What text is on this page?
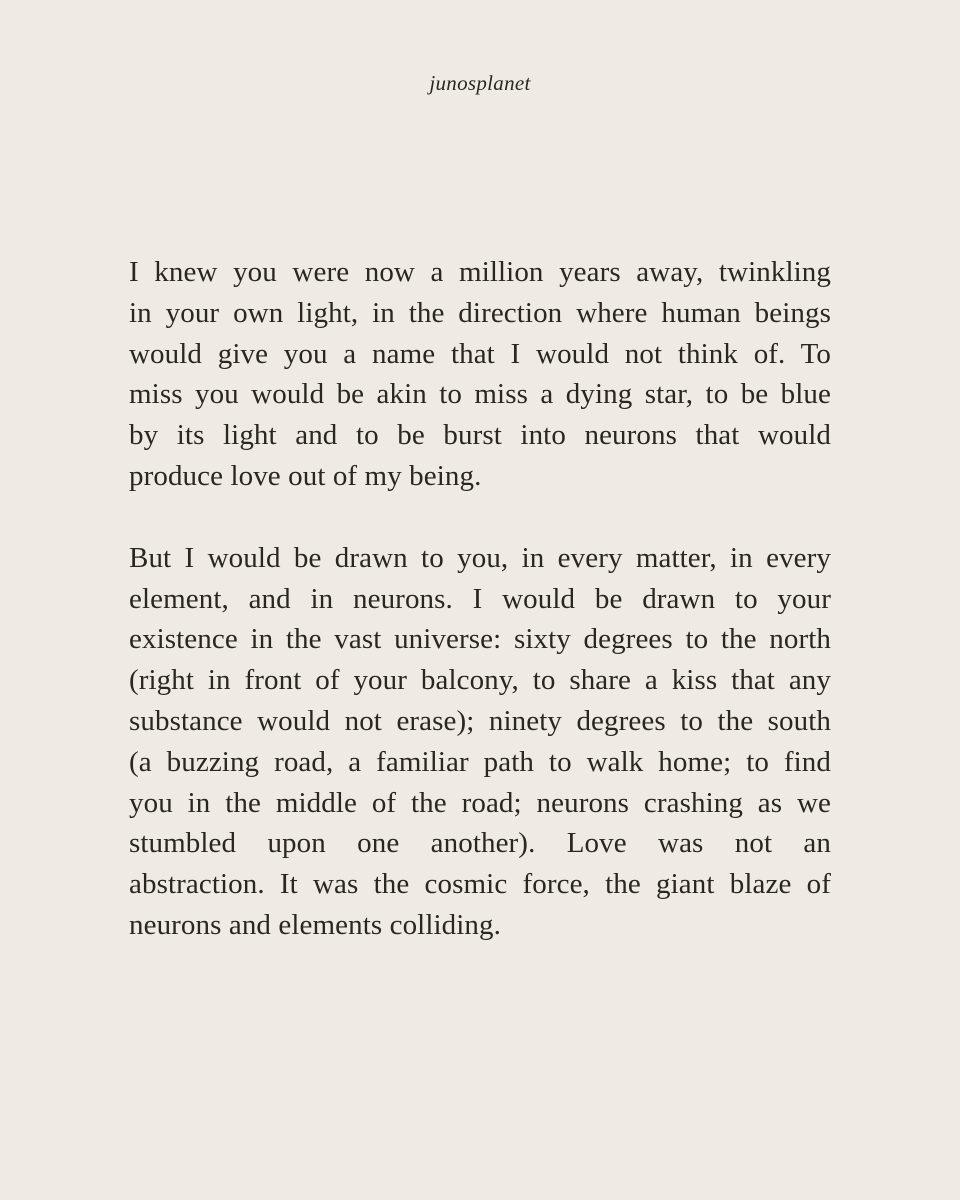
junosplanet

I knew you were now a million years away, twinkling
in your own light, in the direction where human beings
would give you a name that I would not think of. To
miss you would be akin to miss a dying star, to be blue
by its light and to be burst into neurons that would
produce love out of my being.

But I would be drawn to you, in every matter, in every
element, and in neurons. I would be drawn to your
existence in the vast universe: sixty degrees to the north
(right in front of your balcony, to share a kiss that any
substance would not erase); ninety degrees to the south
(a buzzing road, a familiar path to walk home; to find
you in the middle of the road; neurons crashing as we
stumbled upon one another). Love was not an
abstraction. It was the cosmic force, the giant blaze of
neurons and elements colliding.
